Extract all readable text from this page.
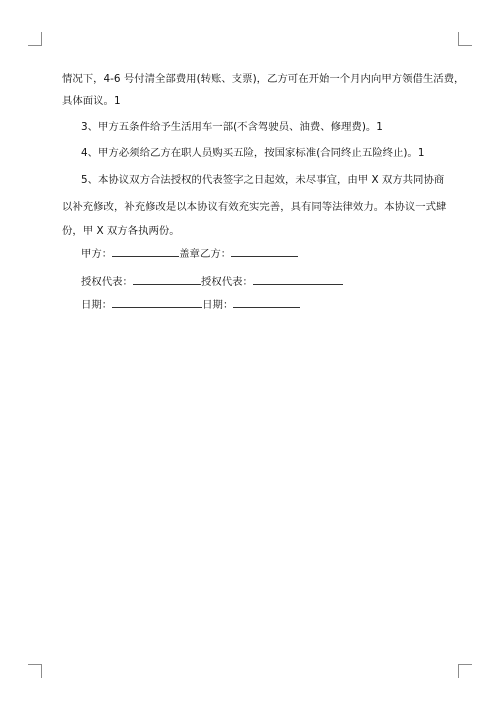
情况下，4-6 号付清全部费用(转账、支票)，乙方可在开始一个月内向甲方领借生活费，
具体面议。1
3、甲方五条件给予生活用车一部(不含驾驶员、油费、修理费)。1
4、甲方必须给乙方在职人员购买五险，按国家标准(合同终止五险终止)。1
5、本协议双方合法授权的代表签字之日起效，未尽事宜，由甲 X 双方共同协商
以补充修改，补充修改是以本协议有效充实完善，具有同等法律效力。本协议一式肆
份，甲 X 双方各执两份。
甲方：	盖章乙方：
授权代表：	授权代表：
日期：	日期：
